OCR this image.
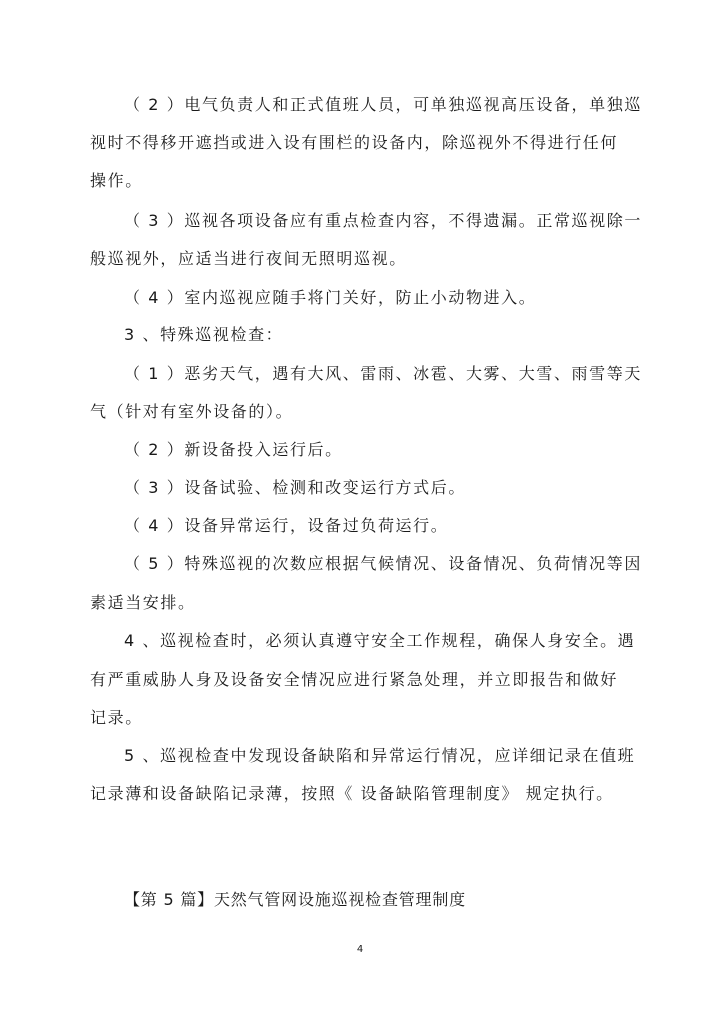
（ 2 ）电气负责人和正式值班人员，可单独巡视高压设备，单独巡
视时不得移开遮挡或进入设有围栏的设备内，除巡视外不得进行任何
操作。
（ 3 ）巡视各项设备应有重点检查内容，不得遗漏。正常巡视除一
般巡视外，应适当进行夜间无照明巡视。
（ 4 ）室内巡视应随手将门关好，防止小动物进入。
3 、特殊巡视检查：
（ 1 ）恶劣天气，遇有大风、雷雨、冰雹、大雾、大雪、雨雪等天
气（针对有室外设备的）。
（ 2 ）新设备投入运行后。
（ 3 ）设备试验、检测和改变运行方式后。
（ 4 ）设备异常运行，设备过负荷运行。
（ 5 ）特殊巡视的次数应根据气候情况、设备情况、负荷情况等因
素适当安排。
4 、巡视检查时，必须认真遵守安全工作规程，确保人身安全。遇
有严重威胁人身及设备安全情况应进行紧急处理，并立即报告和做好
记录。
5 、巡视检查中发现设备缺陷和异常运行情况，应详细记录在值班
记录薄和设备缺陷记录薄，按照《 设备缺陷管理制度》 规定执行。
【第 5 篇】天然气管网设施巡视检查管理制度
4
